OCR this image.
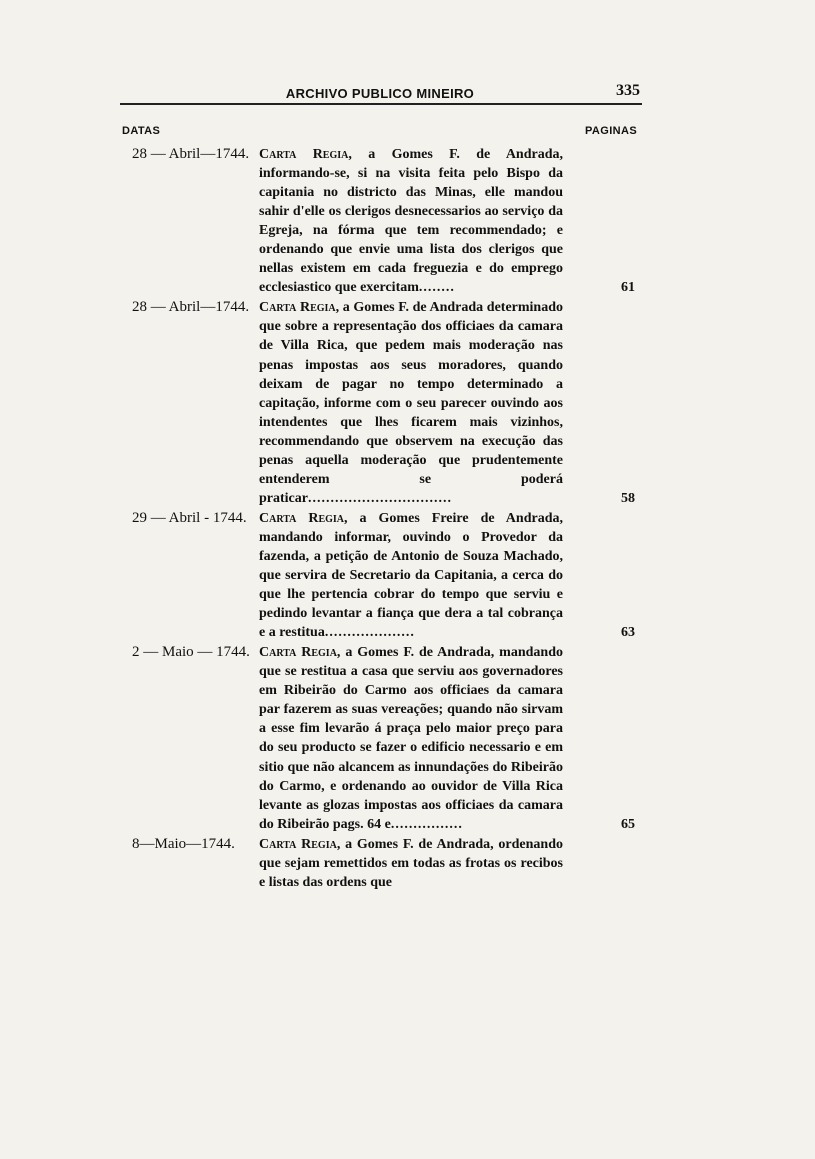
ARCHIVO PUBLICO MINEIRO	335
DATAS	PAGINAS
28 — Abril—1744. Carta Regia, a Gomes F. de Andrada, informando-se, si na visita feita pelo Bispo da capitania no districto das Minas, elle mandou sahir d'elle os clerigos desnecessarios ao serviço da Egreja, na fórma que tem recommendado; e ordenando que envie uma lista dos clerigos que nellas existem em cada freguezia e do emprego ecclesiastico que exercitam........	61
28 — Abril—1744. Carta Regia, a Gomes F. de Andrada determinado que sobre a representação dos officiaes da camara de Villa Rica, que pedem mais moderação nas penas impostas aos seus moradores, quando deixam de pagar no tempo determinado a capitação, informe com o seu parecer ouvindo aos intendentes que lhes ficarem mais vizinhos, recommendando que observem na execução das penas aquella moderação que prudentemente entenderem se poderá praticar................................	58
29 — Abril - 1744. Carta Regia, a Gomes Freire de Andrada, mandando informar, ouvindo o Provedor da fazenda, a petição de Antonio de Souza Machado, que servira de Secretario da Capitania, a cerca do que lhe pertencia cobrar do tempo que serviu e pedindo levantar a fiança que dera a tal cobrança e a restitua....................	63
2 — Maio — 1744. Carta Regia, a Gomes F. de Andrada, mandando que se restitua a casa que serviu aos governadores em Ribeirão do Carmo aos officiaes da camara par fazerem as suas vereações; quando não sirvam a esse fim levarão á praça pelo maior preço para do seu producto se fazer o edificio necessario e em sitio que não alcancem as innundações do Ribeirão do Carmo, e ordenando ao ouvidor de Villa Rica levante as glozas impostas aos officiaes da camara do Ribeirão pags. 64 e................	65
8—Maio—1744.	Carta Regia, a Gomes F. de Andrada, ordenando que sejam remettidos em todas as frotas os recibos e listas das ordens que
